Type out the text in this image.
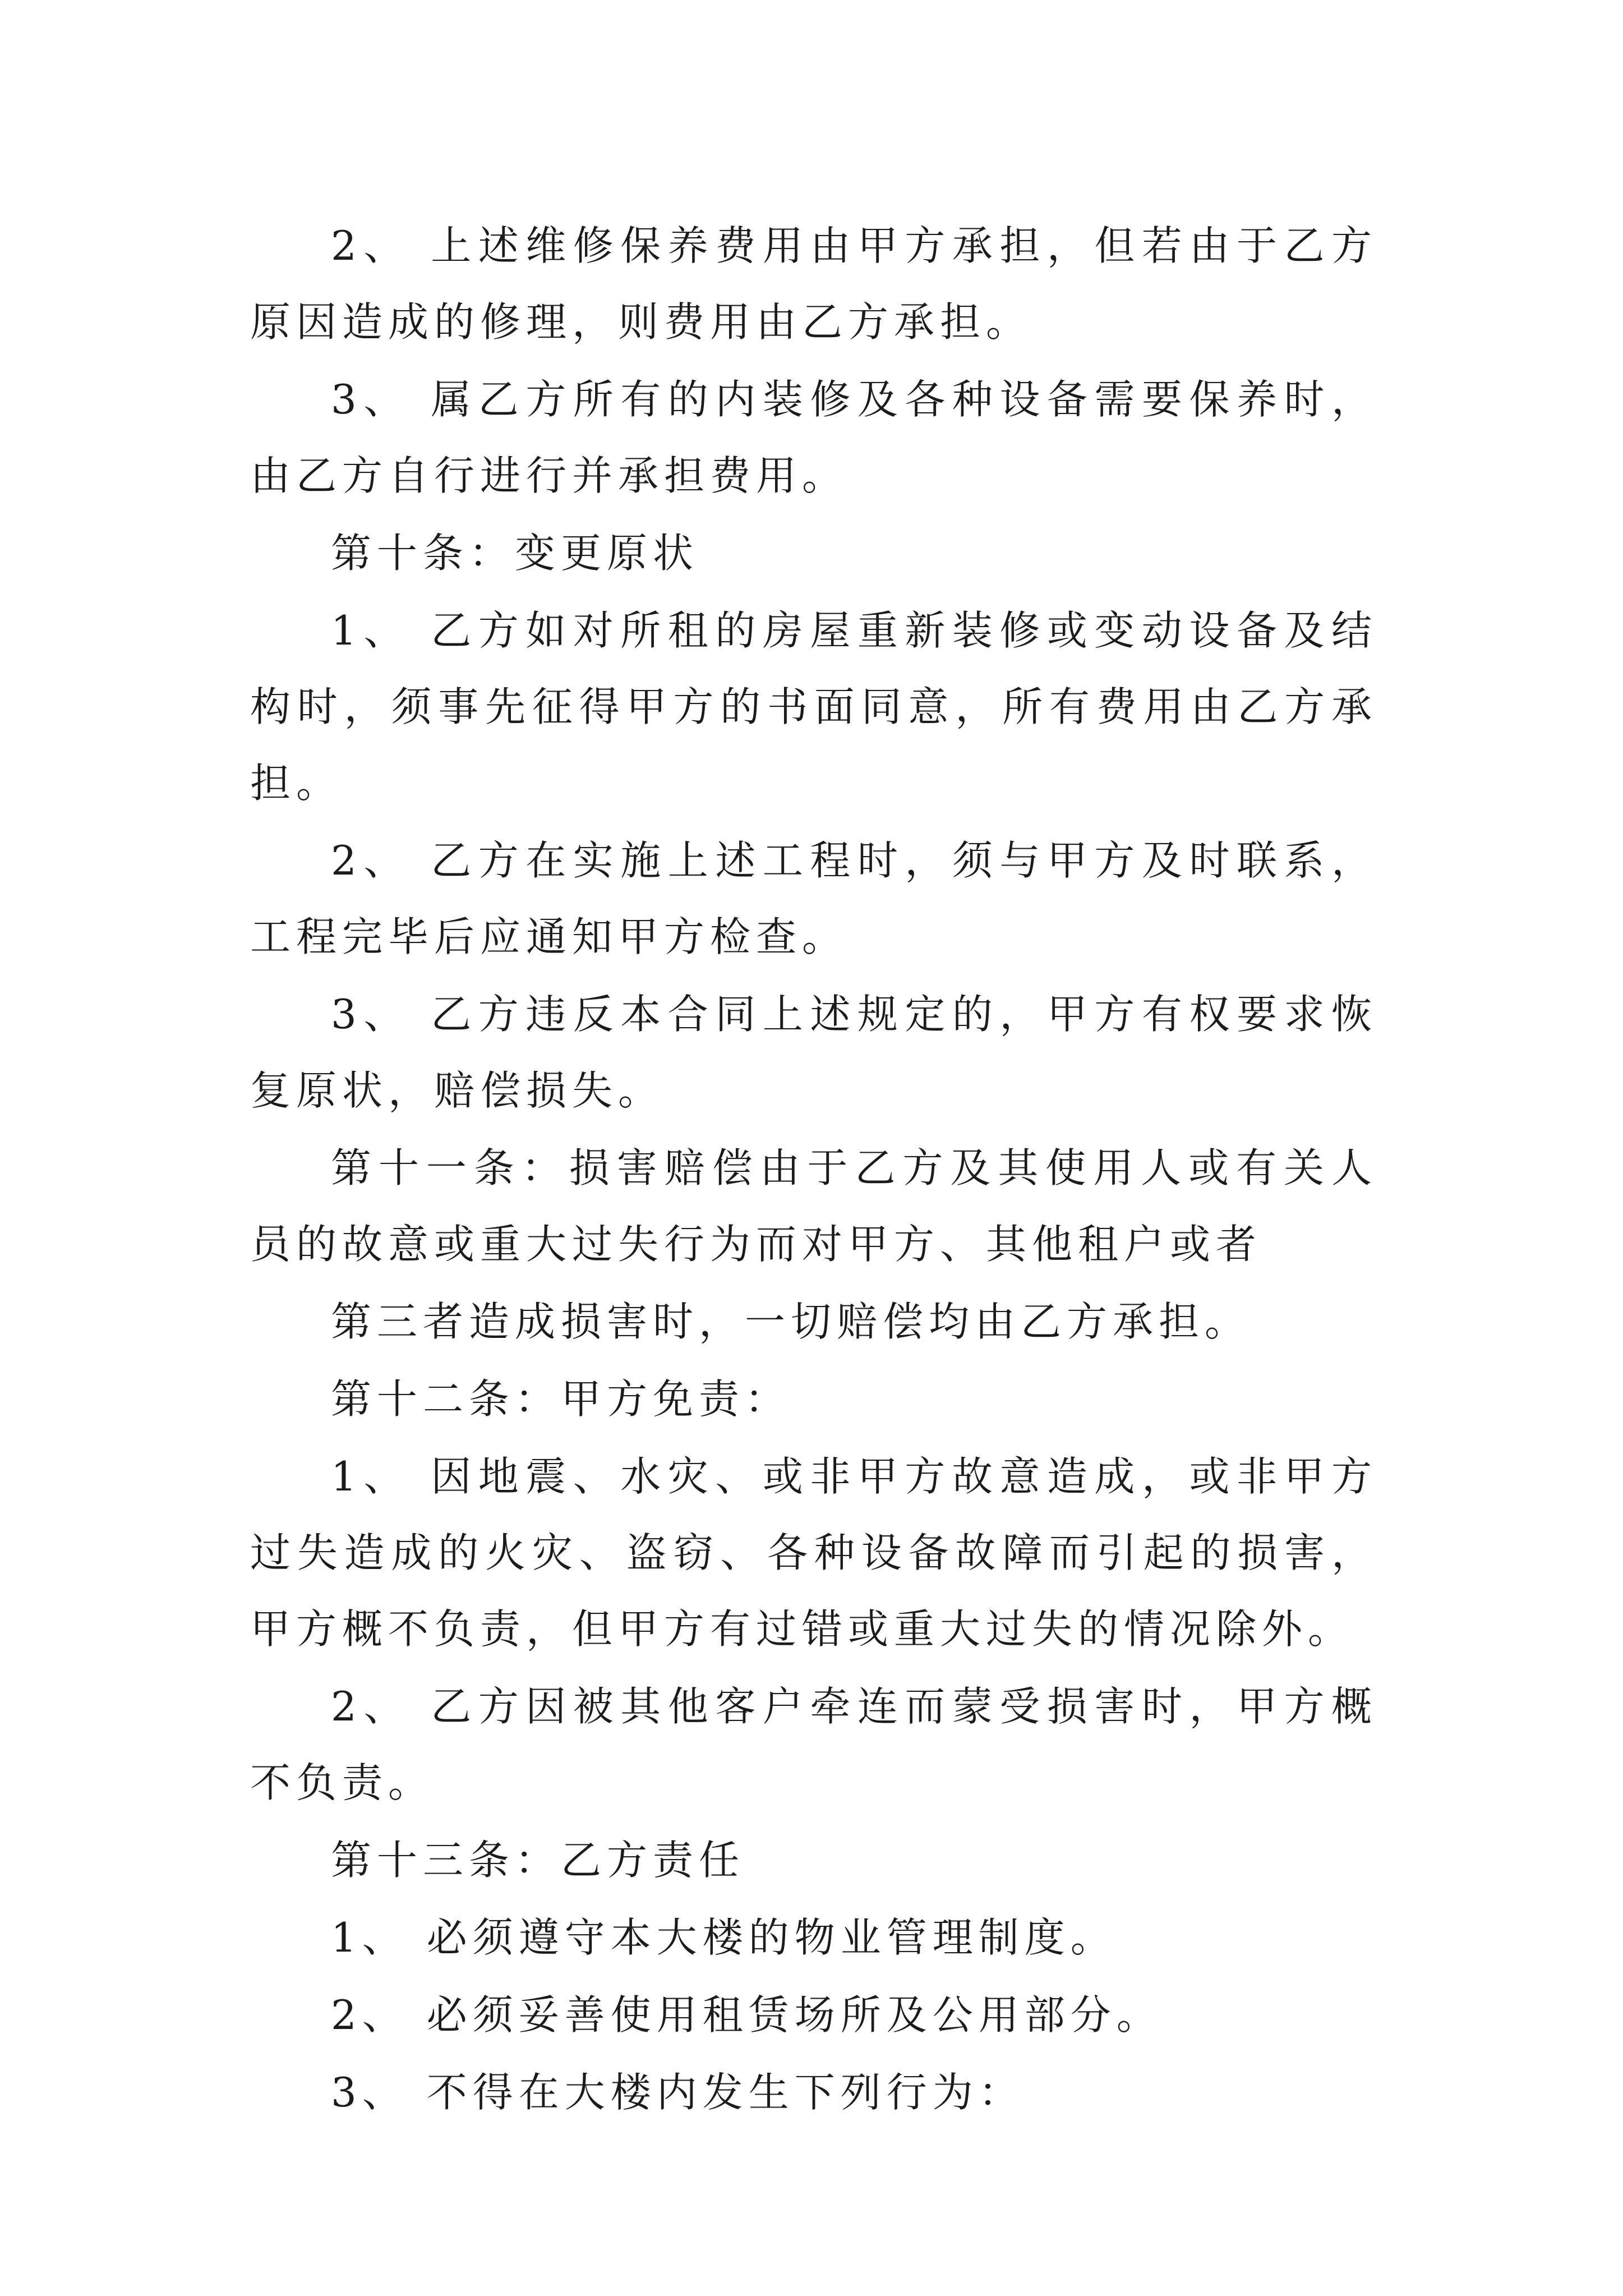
2、 上述维修保养费用由甲方承担，但若由于乙方原因造成的修理，则费用由乙方承担。

3、 属乙方所有的内装修及各种设备需要保养时，由乙方自行进行并承担费用。

第十条：变更原状

1、 乙方如对所租的房屋重新装修或变动设备及结构时，须事先征得甲方的书面同意，所有费用由乙方承担。

2、 乙方在实施上述工程时，须与甲方及时联系，工程完毕后应通知甲方检查。

3、 乙方违反本合同上述规定的，甲方有权要求恢复原状，赔偿损失。

第十一条：损害赔偿由于乙方及其使用人或有关人员的故意或重大过失行为而对甲方、其他租户或者

第三者造成损害时，一切赔偿均由乙方承担。

第十二条：甲方免责：

1、 因地震、水灾、或非甲方故意造成，或非甲方过失造成的火灾、盗窃、各种设备故障而引起的损害，甲方概不负责，但甲方有过错或重大过失的情况除外。

2、 乙方因被其他客户牵连而蒙受损害时，甲方概不负责。

第十三条：乙方责任

1、 必须遵守本大楼的物业管理制度。

2、 必须妥善使用租赁场所及公用部分。

3、 不得在大楼内发生下列行为：
